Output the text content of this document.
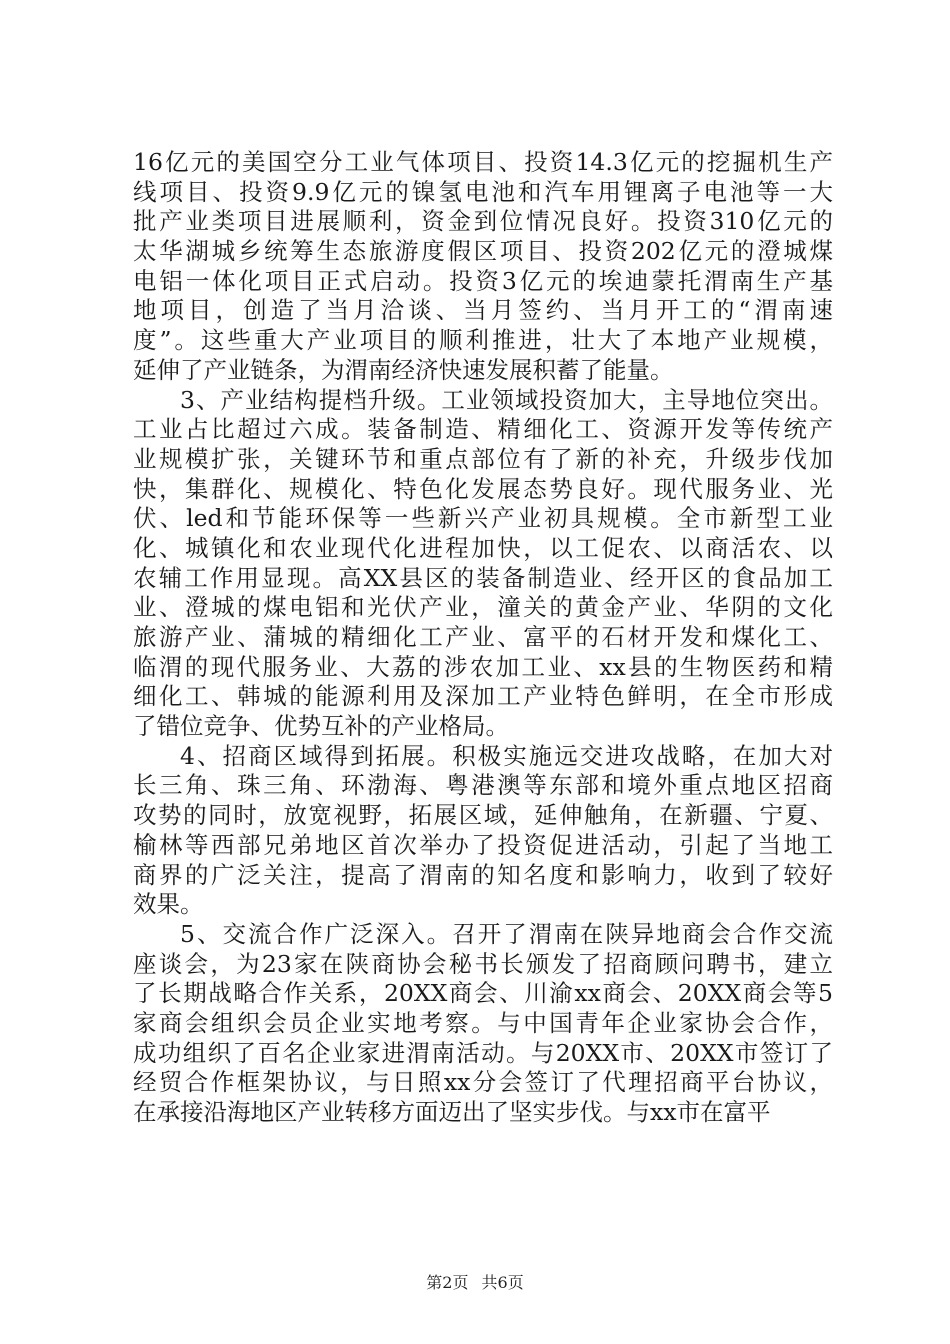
16亿元的美国空分工业气体项目、投资14.3亿元的挖掘机生产
线项目、投资9.9亿元的镍氢电池和汽车用锂离子电池等一大
批产业类项目进展顺利，资金到位情况良好。投资310亿元的
太华湖城乡统筹生态旅游度假区项目、投资202亿元的澄城煤
电铝一体化项目正式启动。投资3亿元的埃迪蒙托渭南生产基
地项目，创造了当月洽谈、当月签约、当月开工的“渭南速
度”。这些重大产业项目的顺利推进，壮大了本地产业规模，
延伸了产业链条，为渭南经济快速发展积蓄了能量。
3、产业结构提档升级。工业领域投资加大，主导地位突出。
工业占比超过六成。装备制造、精细化工、资源开发等传统产
业规模扩张，关键环节和重点部位有了新的补充，升级步伐加
快，集群化、规模化、特色化发展态势良好。现代服务业、光
伏、led和节能环保等一些新兴产业初具规模。全市新型工业
化、城镇化和农业现代化进程加快，以工促农、以商活农、以
农辅工作用显现。高XX县区的装备制造业、经开区的食品加工
业、澄城的煤电铝和光伏产业，潼关的黄金产业、华阴的文化
旅游产业、蒲城的精细化工产业、富平的石材开发和煤化工、
临渭的现代服务业、大荔的涉农加工业、xx县的生物医药和精
细化工、韩城的能源利用及深加工产业特色鲜明，在全市形成
了错位竞争、优势互补的产业格局。
4、招商区域得到拓展。积极实施远交进攻战略，在加大对
长三角、珠三角、环渤海、粤港澳等东部和境外重点地区招商
攻势的同时，放宽视野，拓展区域，延伸触角，在新疆、宁夏、
榆林等西部兄弟地区首次举办了投资促进活动，引起了当地工
商界的广泛关注，提高了渭南的知名度和影响力，收到了较好
效果。
5、交流合作广泛深入。召开了渭南在陕异地商会合作交流
座谈会，为23家在陕商协会秘书长颁发了招商顾问聘书，建立
了长期战略合作关系，20XX商会、川渝xx商会、20XX商会等5
家商会组织会员企业实地考察。与中国青年企业家协会合作，
成功组织了百名企业家进渭南活动。与20XX市、20XX市签订了
经贸合作框架协议，与日照xx分会签订了代理招商平台协议，
在承接沿海地区产业转移方面迈出了坚实步伐。与xx市在富平
第2页 共6页
